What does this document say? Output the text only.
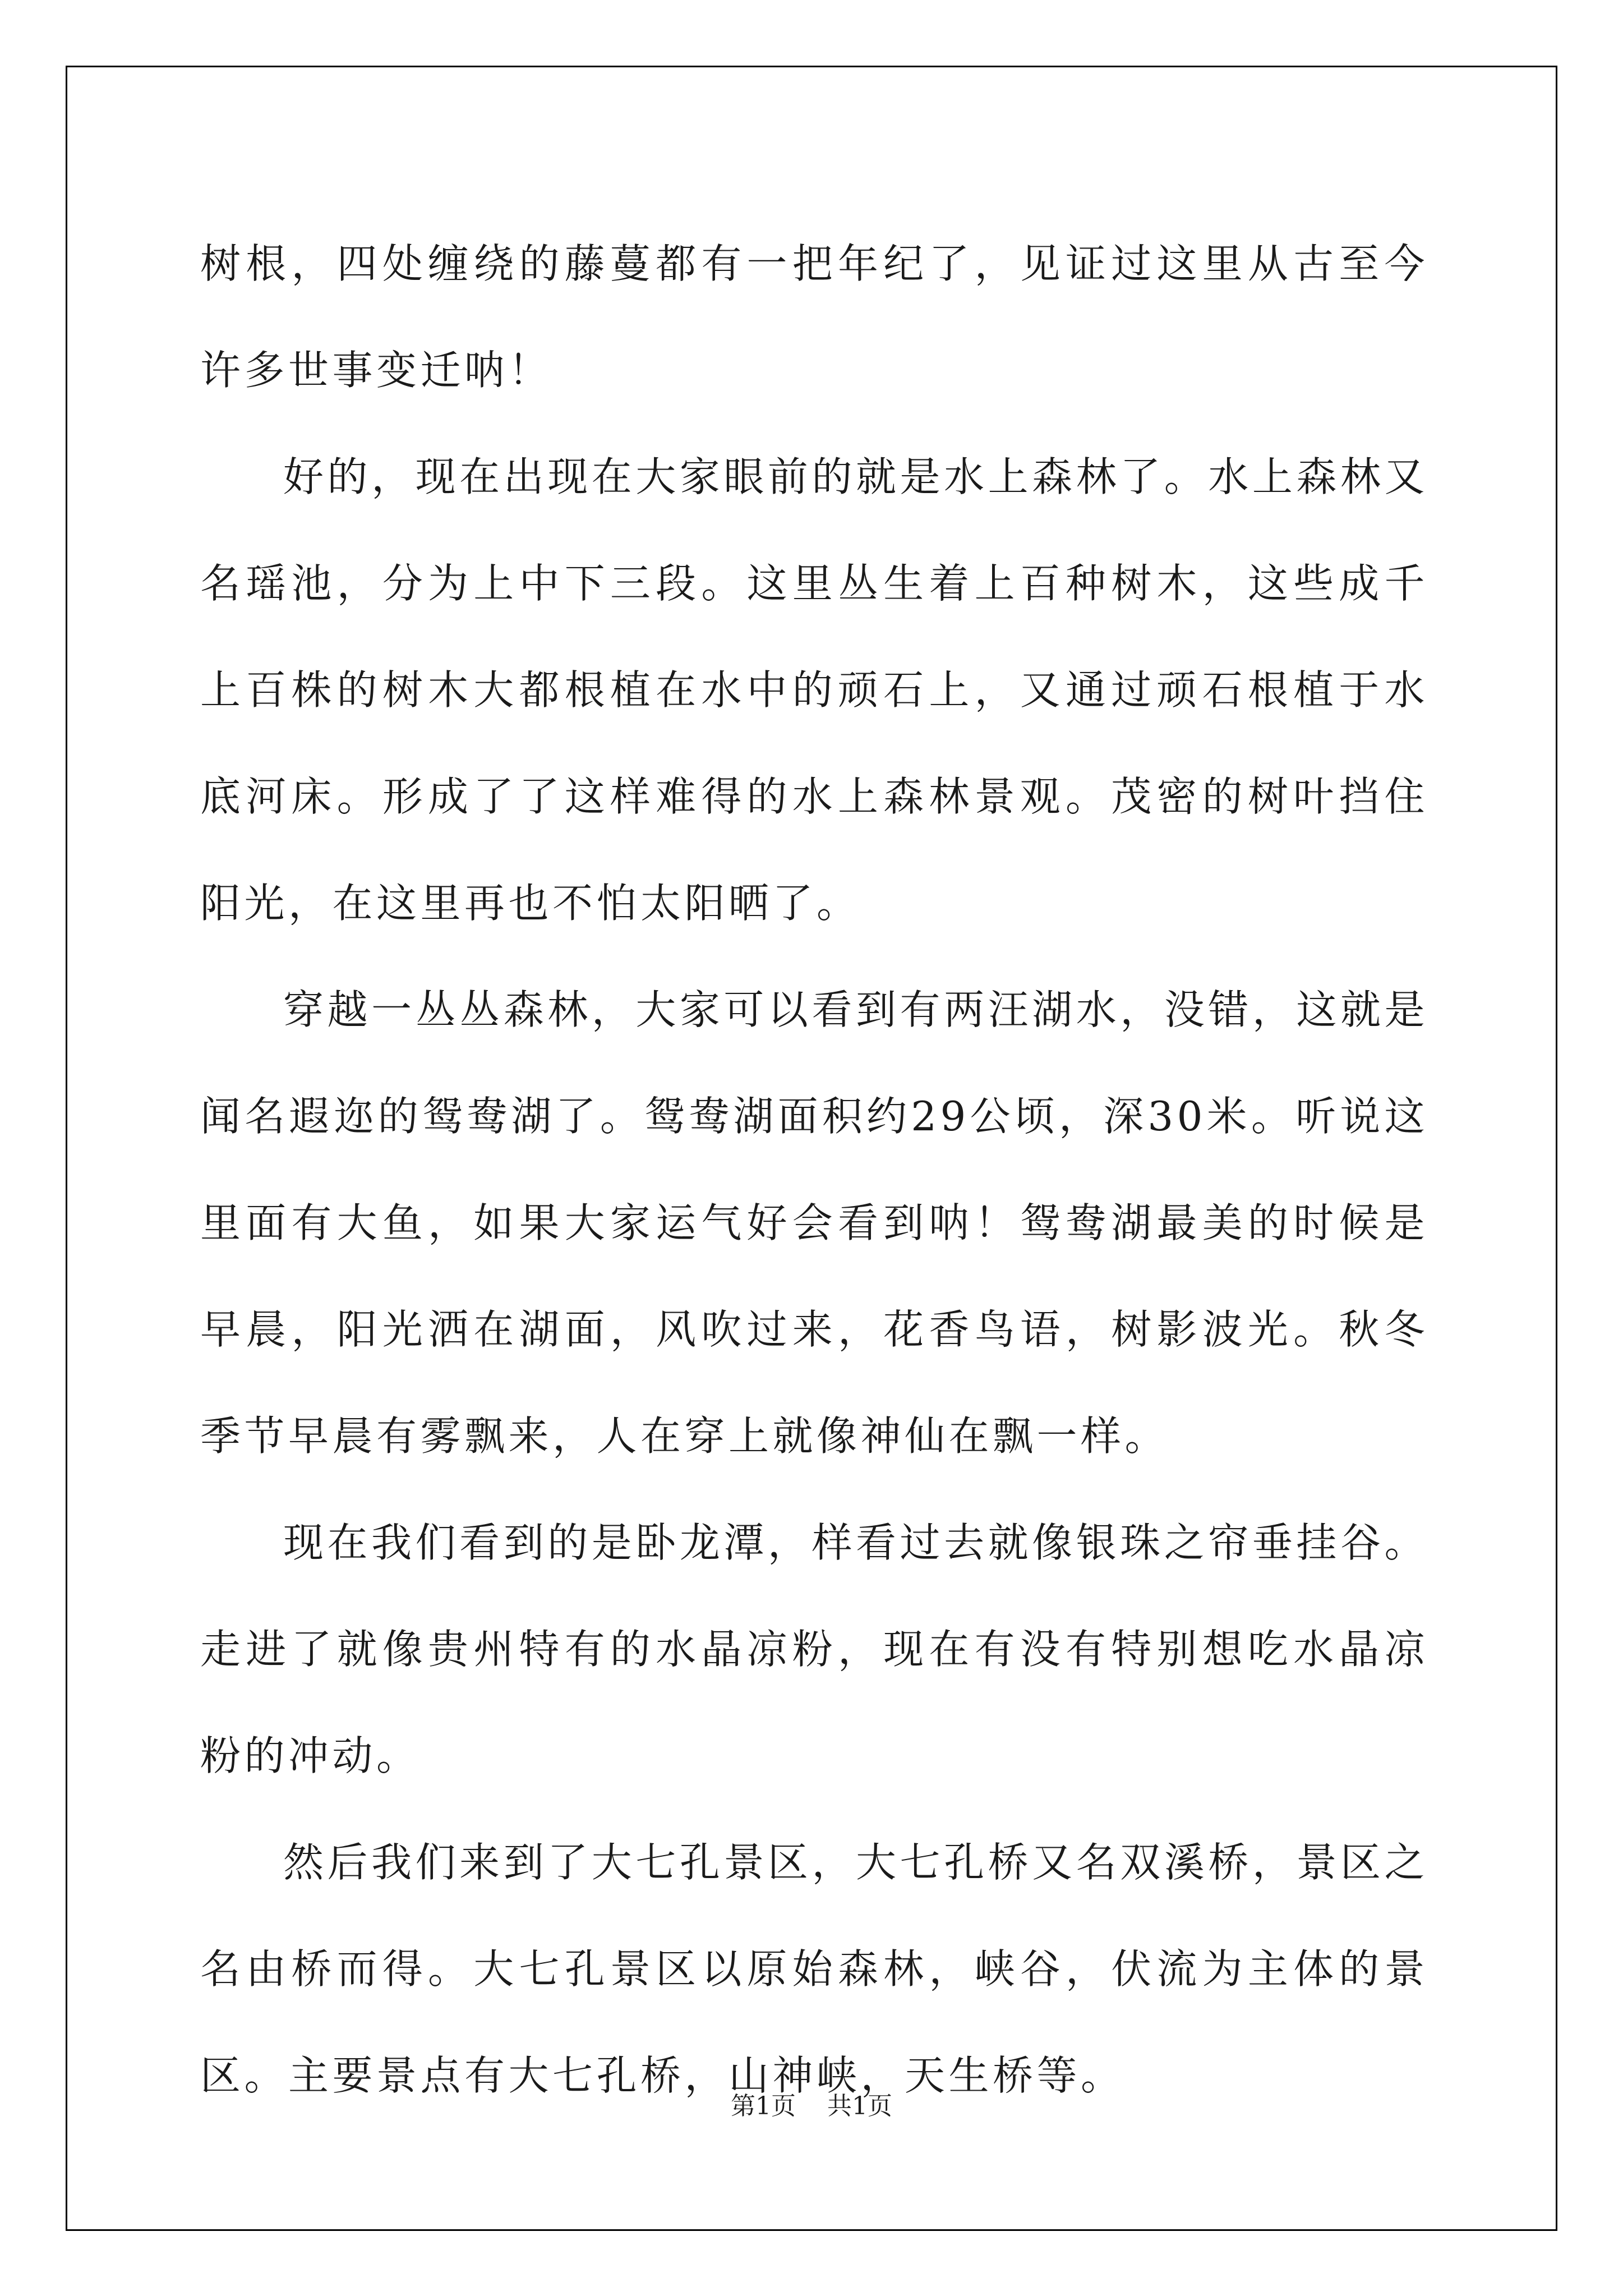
树根，四处缠绕的藤蔓都有一把年纪了，见证过这里从古至今许多世事变迁呐！

好的，现在出现在大家眼前的就是水上森林了。水上森林又名瑶池，分为上中下三段。这里丛生着上百种树木，这些成千上百株的树木大都根植在水中的顽石上，又通过顽石根植于水底河床。形成了了这样难得的水上森林景观。茂密的树叶挡住阳光，在这里再也不怕太阳晒了。

穿越一丛丛森林，大家可以看到有两汪湖水，没错，这就是闻名遐迩的鸳鸯湖了。鸳鸯湖面积约29公顷，深30米。听说这里面有大鱼，如果大家运气好会看到呐！鸳鸯湖最美的时候是早晨，阳光洒在湖面，风吹过来，花香鸟语，树影波光。秋冬季节早晨有雾飘来，人在穿上就像神仙在飘一样。

现在我们看到的是卧龙潭，样看过去就像银珠之帘垂挂谷。走进了就像贵州特有的水晶凉粉，现在有没有特别想吃水晶凉粉的冲动。

然后我们来到了大七孔景区，大七孔桥又名双溪桥，景区之名由桥而得。大七孔景区以原始森林，峡谷，伏流为主体的景区。主要景点有大七孔桥，山神峡，天生桥等。

第1页 共1页
